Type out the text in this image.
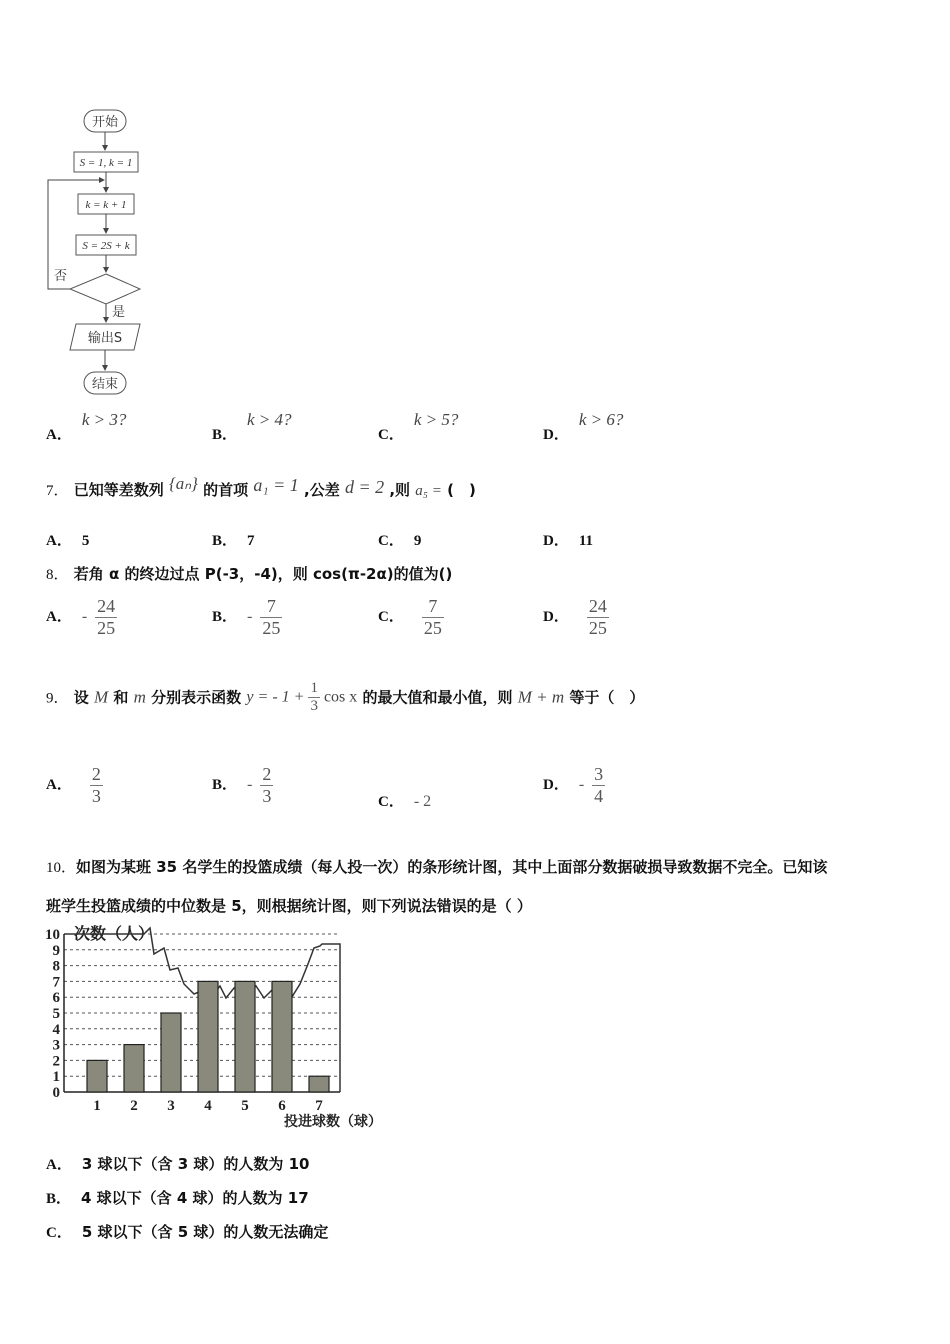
开始
S = 1, k = 1
k = k + 1
S = 2S + k
否
是
输出S
结束
A．k > 3?
B．k > 4?
C．k > 5?
D．k > 6?
7． 已知等差数列 {aₙ} 的首项 a₁ = 1 ,公差 d = 2 ,则 a₅ = (　)
A． 5	B． 7	C． 9	D． 11
8． 若角 α 的终边过点 P(-3，-4)，则 cos(π-2α)的值为()
A． - $\frac{24}{25}$	B． - $\frac{7}{25}$	C． $\frac{7}{25}$	D． $\frac{24}{25}$
9． 设 M 和 m 分别表示函数 y = - $1 + \frac{1}{3}$ cos x 的最大值和最小值，则 M + m 等于（　）
A． $\frac{2}{3}$	B． - $\frac{2}{3}$	C． - 2
D． - $\frac{3}{4}$
10．如图为某班 35 名学生的投篮成绩（每人投一次）的条形统计图，其中上面部分数据破损导致数据不完全。已知该
班学生投篮成绩的中位数是 5，则根据统计图，则下列说法错误的是（ ）
次数（人）
0
1
2
3
4
5
6
7
8
9
10
1 2 3 4 5 6 7
投进球数（球）
A． 3 球以下（含 3 球）的人数为 10
B． 4 球以下（含 4 球）的人数为 17
C． 5 球以下（含 5 球）的人数无法确定
